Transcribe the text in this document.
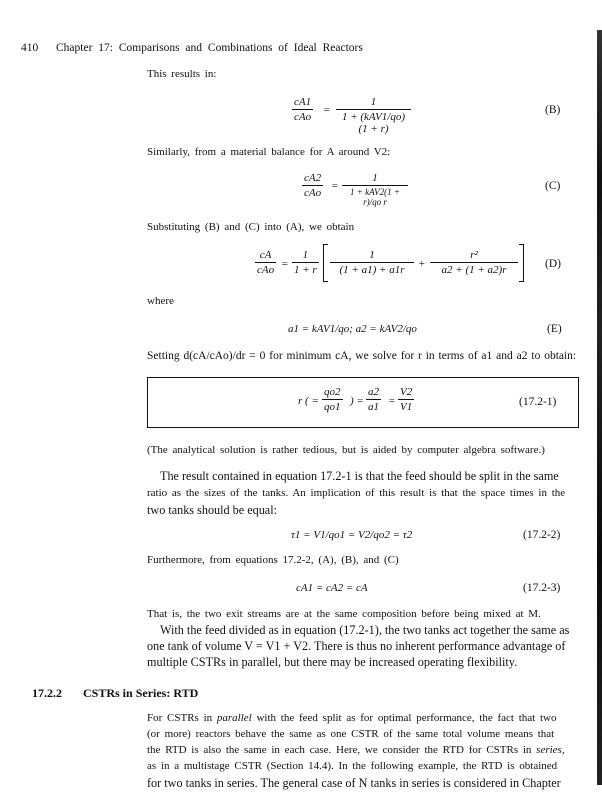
410 Chapter 17: Comparisons and Combinations of Ideal Reactors
This results in:
cA1
cAo
=
1
1 + (kAV1/qo)(1 + r)
(B)
Similarly, from a material balance for A around V2:
cA2
cAo
=
1
1 + kAV2(1 + r)/qo r
(C)
Substituting (B) and (C) into (A), we obtain
cA
cAo = $\frac{1}{1 + r} \frac{1}{(1 + a1) + a1r} + \frac{\text{r²}}{a2 + (1 + a2)r} (D)$
where
a1 = kAV1/qo; a2 = kAV2/qo	(E)
Setting d(cA/cAo)/dr = 0 for minimum cA, we solve for r in terms of a1 and a2 to obtain:
r ( = $\frac{qo2}{qo1}$ ) = $\frac{a2}{a1} = \frac{V2}{V1}$	(17.2-1)
(The analytical solution is rather tedious, but is aided by computer algebra software.)
The result contained in equation 17.2-1 is that the feed should be split in the same
ratio as the sizes of the tanks. An implication of this result is that the space times in the
two tanks should be equal:
τ1 = V1/qo1 = V2/qo2 = τ2	(17.2-2)
Furthermore, from equations 17.2-2, (A), (B), and (C)
cA1 = cA2 = cA	(17.2-3)
That is, the two exit streams are at the same composition before being mixed at M.
With the feed divided as in equation (17.2-1), the two tanks act together the same as
one tank of volume V = V1 + V2. There is thus no inherent performance advantage of
multiple CSTRs in parallel, but there may be increased operating flexibility.
17.2.2 CSTRs in Series: RTD
For CSTRs in parallel with the feed split as for optimal performance, the fact that two
(or more) reactors behave the same as one CSTR of the same total volume means that
the RTD is also the same in each case. Here, we consider the RTD for CSTRs in series,
as in a multistage CSTR (Section 14.4). In the following example, the RTD is obtained
for two tanks in series. The general case of N tanks in series is considered in Chapter
